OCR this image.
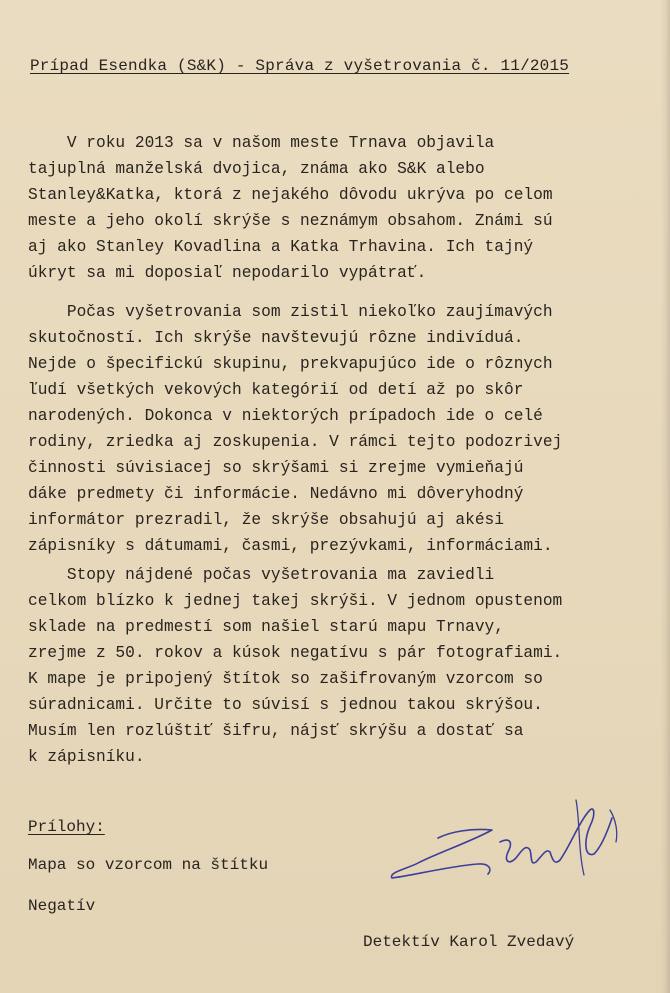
Prípad Esendka (S&K) - Správa z vyšetrovania č. 11/2015
V roku 2013 sa v našom meste Trnava objavila
tajuplná manželská dvojica, známa ako S&K alebo
Stanley&Katka, ktorá z nejakého dôvodu ukrýva po celom
meste a jeho okolí skrýše s neznámym obsahom. Známi sú
aj ako Stanley Kovadlina a Katka Trhavina. Ich tajný
úkryt sa mi doposiaľ nepodarilo vypátrať.
Počas vyšetrovania som zistil niekoľko zaujímavých
skutočností. Ich skrýše navštevujú rôzne indivíduá.
Nejde o špecifickú skupinu, prekvapujúco ide o rôznych
ľudí všetkých vekových kategórií od detí až po skôr
narodených. Dokonca v niektorých prípadoch ide o celé
rodiny, zriedka aj zoskupenia. V rámci tejto podozrivej
činnosti súvisiacej so skrýšami si zrejme vymieňajú
dáke predmety či informácie. Nedávno mi dôveryhodný
informátor prezradil, že skrýše obsahujú aj akési
zápisníky s dátumami, časmi, prezývkami, informáciami.
Stopy nájdené počas vyšetrovania ma zaviedli
celkom blízko k jednej takej skrýši. V jednom opustenom
sklade na predmestí som našiel starú mapu Trnavy,
zrejme z 50. rokov a kúsok negatívu s pár fotografiami.
K mape je pripojený štítok so zašifrovaným vzorcom so
súradnicami. Určite to súvisí s jednou takou skrýšou.
Musím len rozlúštiť šifru, nájsť skrýšu a dostať sa
k zápisníku.
Prílohy:
Mapa so vzorcom na štítku
Negatív
Detektív Karol Zvedavý
